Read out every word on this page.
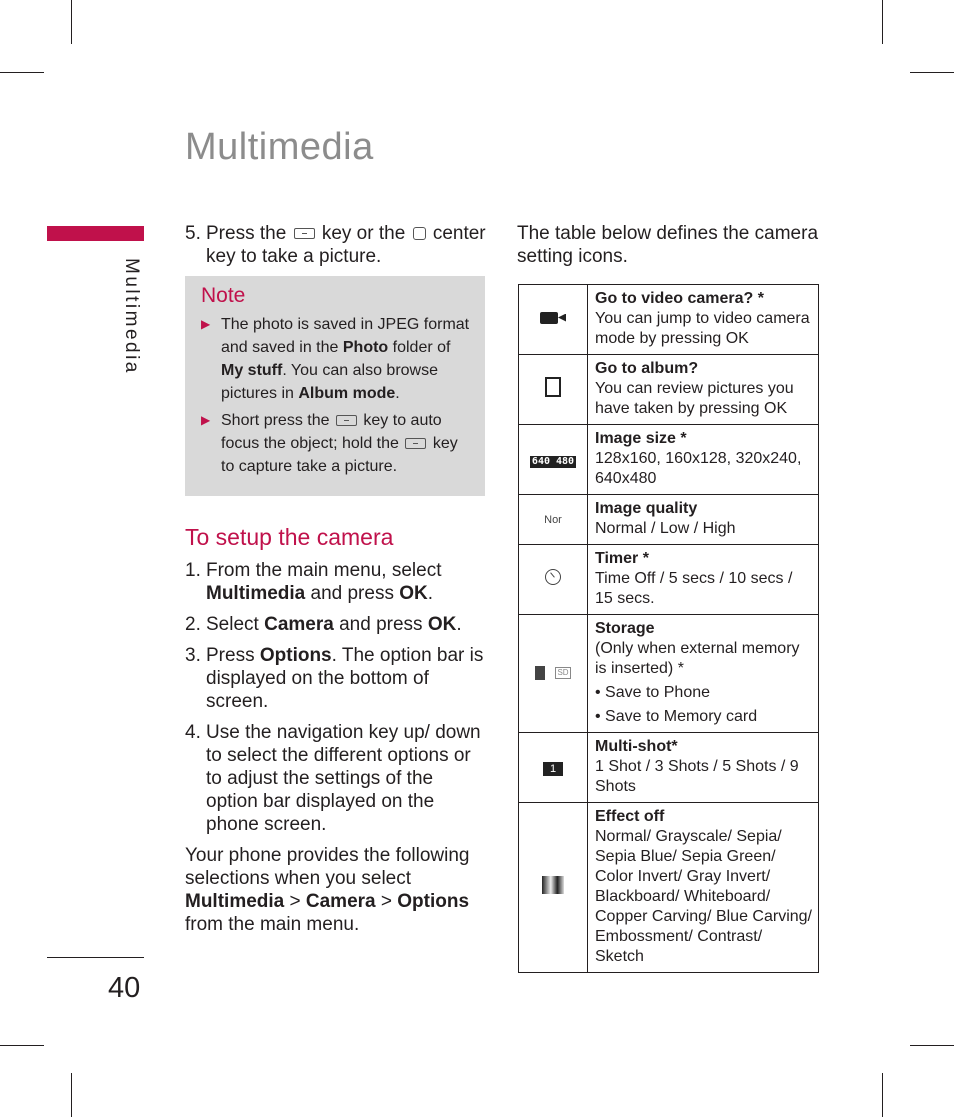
Multimedia
Multimedia
40
5. Press the key or the center key to take a picture.
Note
▶ The photo is saved in JPEG format and saved in the Photo folder of My stuff. You can also browse pictures in Album mode.
▶ Short press the key to auto focus the object; hold the key to capture take a picture.
To setup the camera
1. From the main menu, select Multimedia and press OK.
2. Select Camera and press OK.
3. Press Options. The option bar is displayed on the bottom of screen.
4. Use the navigation key up/ down to select the different options or to adjust the settings of the option bar displayed on the phone screen.

Your phone provides the following selections when you select Multimedia > Camera > Options from the main menu.

The table below defines the camera setting icons.

	Go to video camera? *
You can jump to video camera mode by pressing OK

	Go to album?
You can review pictures you have taken by pressing OK

640 480	Image size *
128x160, 160x128, 320x240, 640x480

Nor	Image quality
Normal / Low / High

	Timer *
Time Off / 5 secs / 10 secs / 15 secs.

SD	Storage
(Only when external memory is inserted) *
• Save to Phone
• Save to Memory card

1	Multi-shot*
1 Shot / 3 Shots / 5 Shots / 9 Shots

	Effect off
Normal/ Grayscale/ Sepia/ Sepia Blue/ Sepia Green/ Color Invert/ Gray Invert/ Blackboard/ Whiteboard/ Copper Carving/ Blue Carving/ Embossment/ Contrast/ Sketch
